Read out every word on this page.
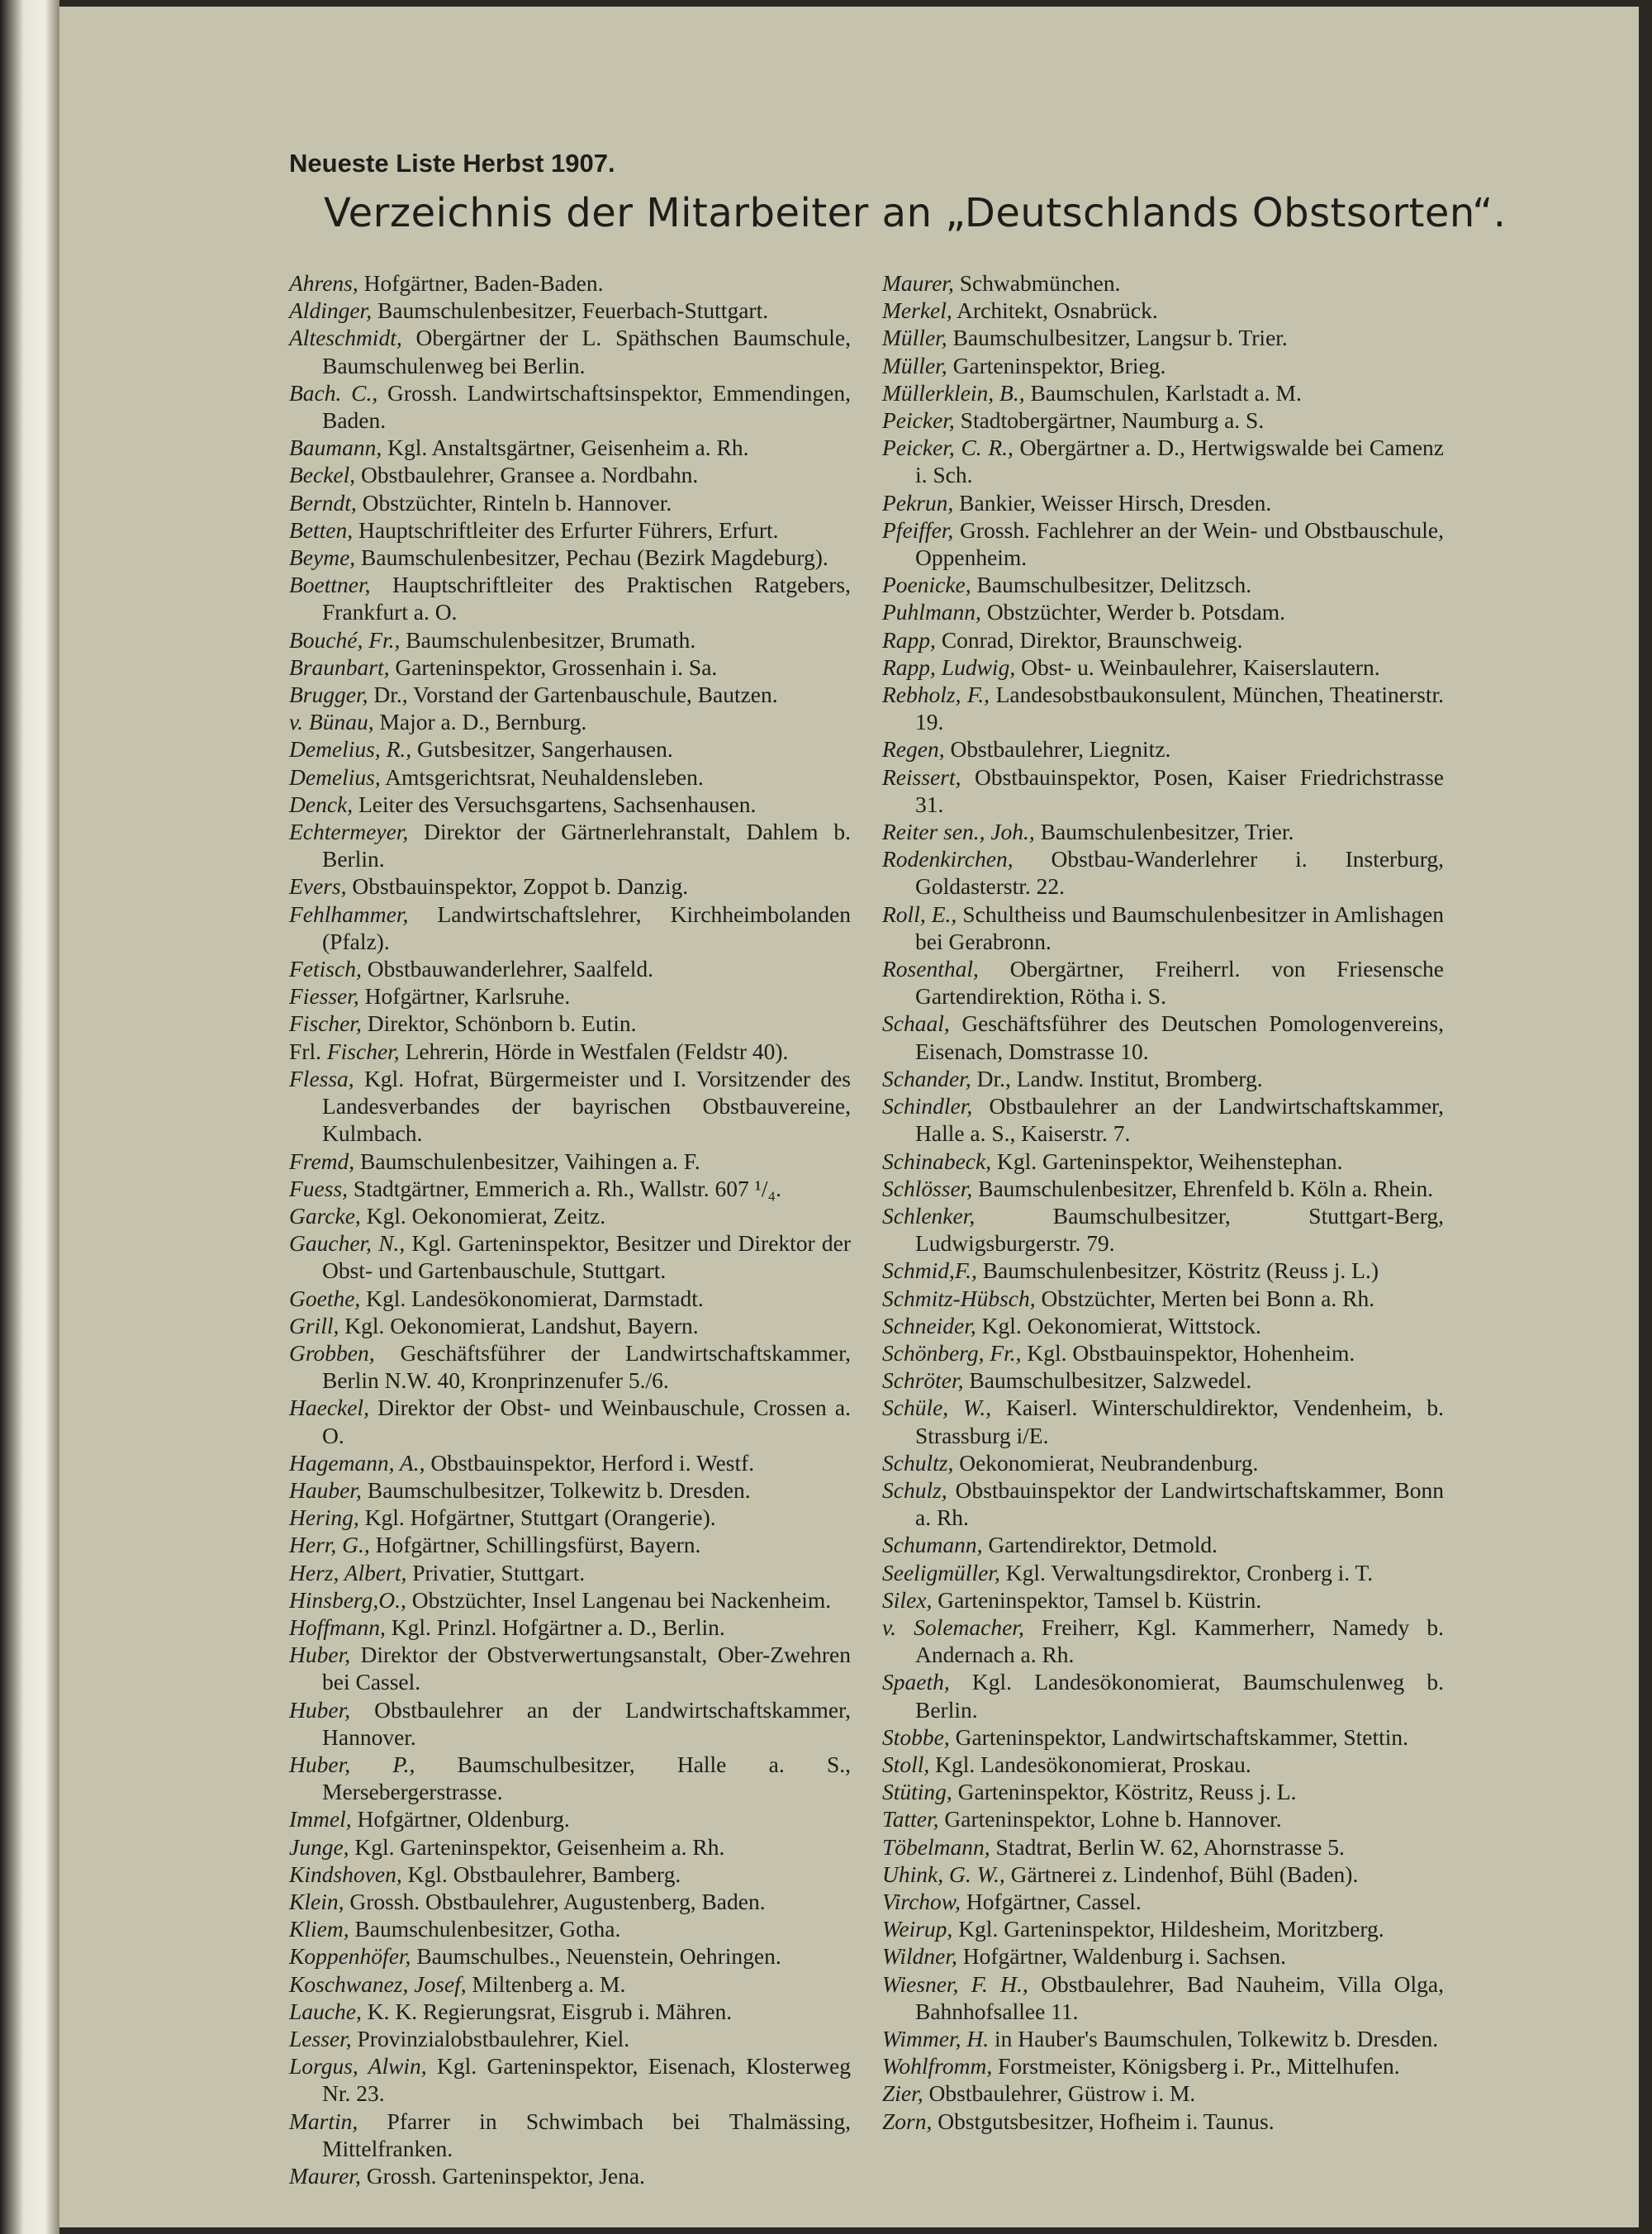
Neueste Liste Herbst 1907.
Verzeichnis der Mitarbeiter an „Deutschlands Obstsorten“.
Ahrens, Hofgärtner, Baden-Baden.
Aldinger, Baumschulenbesitzer, Feuerbach-Stuttgart.
Alteschmidt, Obergärtner der L. Späthschen Baumschule, Baumschulenweg bei Berlin.
Bach. C., Grossh. Landwirtschaftsinspektor, Emmendingen, Baden.
Baumann, Kgl. Anstaltsgärtner, Geisenheim a. Rh.
Beckel, Obstbaulehrer, Gransee a. Nordbahn.
Berndt, Obstzüchter, Rinteln b. Hannover.
Betten, Hauptschriftleiter des Erfurter Führers, Erfurt.
Beyme, Baumschulenbesitzer, Pechau (Bezirk Magdeburg).
Boettner, Hauptschriftleiter des Praktischen Ratgebers, Frankfurt a. O.
Bouché, Fr., Baumschulenbesitzer, Brumath.
Braunbart, Garteninspektor, Grossenhain i. Sa.
Brugger, Dr., Vorstand der Gartenbauschule, Bautzen.
v. Bünau, Major a. D., Bernburg.
Demelius, R., Gutsbesitzer, Sangerhausen.
Demelius, Amtsgerichtsrat, Neuhaldensleben.
Denck, Leiter des Versuchsgartens, Sachsenhausen.
Echtermeyer, Direktor der Gärtnerlehranstalt, Dahlem b. Berlin.
Evers, Obstbauinspektor, Zoppot b. Danzig.
Fehlhammer, Landwirtschaftslehrer, Kirchheimbolanden (Pfalz).
Fetisch, Obstbauwanderlehrer, Saalfeld.
Fiesser, Hofgärtner, Karlsruhe.
Fischer, Direktor, Schönborn b. Eutin.
Frl. Fischer, Lehrerin, Hörde in Westfalen (Feldstr 40).
Flessa, Kgl. Hofrat, Bürgermeister und I. Vorsitzender des Landesverbandes der bayrischen Obstbauvereine, Kulmbach.
Fremd, Baumschulenbesitzer, Vaihingen a. F.
Fuess, Stadtgärtner, Emmerich a. Rh., Wallstr. 607 ¹/₄.
Garcke, Kgl. Oekonomierat, Zeitz.
Gaucher, N., Kgl. Garteninspektor, Besitzer und Direktor der Obst- und Gartenbauschule, Stuttgart.
Goethe, Kgl. Landesökonomierat, Darmstadt.
Grill, Kgl. Oekonomierat, Landshut, Bayern.
Grobben, Geschäftsführer der Landwirtschaftskammer, Berlin N.W. 40, Kronprinzenufer 5./6.
Haeckel, Direktor der Obst- und Weinbauschule, Crossen a. O.
Hagemann, A., Obstbauinspektor, Herford i. Westf.
Hauber, Baumschulbesitzer, Tolkewitz b. Dresden.
Hering, Kgl. Hofgärtner, Stuttgart (Orangerie).
Herr, G., Hofgärtner, Schillingsfürst, Bayern.
Herz, Albert, Privatier, Stuttgart.
Hinsberg,O., Obstzüchter, Insel Langenau bei Nackenheim.
Hoffmann, Kgl. Prinzl. Hofgärtner a. D., Berlin.
Huber, Direktor der Obstverwertungsanstalt, Ober-Zwehren bei Cassel.
Huber, Obstbaulehrer an der Landwirtschaftskammer, Hannover.
Huber, P., Baumschulbesitzer, Halle a. S., Mersebergerstrasse.
Immel, Hofgärtner, Oldenburg.
Junge, Kgl. Garteninspektor, Geisenheim a. Rh.
Kindshoven, Kgl. Obstbaulehrer, Bamberg.
Klein, Grossh. Obstbaulehrer, Augustenberg, Baden.
Kliem, Baumschulenbesitzer, Gotha.
Koppenhöfer, Baumschulbes., Neuenstein, Oehringen.
Koschwanez, Josef, Miltenberg a. M.
Lauche, K. K. Regierungsrat, Eisgrub i. Mähren.
Lesser, Provinzialobstbaulehrer, Kiel.
Lorgus, Alwin, Kgl. Garteninspektor, Eisenach, Klosterweg Nr. 23.
Martin, Pfarrer in Schwimbach bei Thalmässing, Mittelfranken.
Maurer, Grossh. Garteninspektor, Jena.
Maurer, Schwabmünchen.
Merkel, Architekt, Osnabrück.
Müller, Baumschulbesitzer, Langsur b. Trier.
Müller, Garteninspektor, Brieg.
Müllerklein, B., Baumschulen, Karlstadt a. M.
Peicker, Stadtobergärtner, Naumburg a. S.
Peicker, C. R., Obergärtner a. D., Hertwigswalde bei Camenz i. Sch.
Pekrun, Bankier, Weisser Hirsch, Dresden.
Pfeiffer, Grossh. Fachlehrer an der Wein- und Obstbauschule, Oppenheim.
Poenicke, Baumschulbesitzer, Delitzsch.
Puhlmann, Obstzüchter, Werder b. Potsdam.
Rapp, Conrad, Direktor, Braunschweig.
Rapp, Ludwig, Obst- u. Weinbaulehrer, Kaiserslautern.
Rebholz, F., Landesobstbaukonsulent, München, Theatinerstr. 19.
Regen, Obstbaulehrer, Liegnitz.
Reissert, Obstbauinspektor, Posen, Kaiser Friedrichstrasse 31.
Reiter sen., Joh., Baumschulenbesitzer, Trier.
Rodenkirchen, Obstbau-Wanderlehrer i. Insterburg, Goldasterstr. 22.
Roll, E., Schultheiss und Baumschulenbesitzer in Amlishagen bei Gerabronn.
Rosenthal, Obergärtner, Freiherrl. von Friesensche Gartendirektion, Rötha i. S.
Schaal, Geschäftsführer des Deutschen Pomologenvereins, Eisenach, Domstrasse 10.
Schander, Dr., Landw. Institut, Bromberg.
Schindler, Obstbaulehrer an der Landwirtschaftskammer, Halle a. S., Kaiserstr. 7.
Schinabeck, Kgl. Garteninspektor, Weihenstephan.
Schlösser, Baumschulenbesitzer, Ehrenfeld b. Köln a. Rhein.
Schlenker, Baumschulbesitzer, Stuttgart-Berg, Ludwigsburgerstr. 79.
Schmid,F., Baumschulenbesitzer, Köstritz (Reuss j. L.)
Schmitz-Hübsch, Obstzüchter, Merten bei Bonn a. Rh.
Schneider, Kgl. Oekonomierat, Wittstock.
Schönberg, Fr., Kgl. Obstbauinspektor, Hohenheim.
Schröter, Baumschulbesitzer, Salzwedel.
Schüle, W., Kaiserl. Winterschuldirektor, Vendenheim, b. Strassburg i/E.
Schultz, Oekonomierat, Neubrandenburg.
Schulz, Obstbauinspektor der Landwirtschaftskammer, Bonn a. Rh.
Schumann, Gartendirektor, Detmold.
Seeligmüller, Kgl. Verwaltungsdirektor, Cronberg i. T.
Silex, Garteninspektor, Tamsel b. Küstrin.
v. Solemacher, Freiherr, Kgl. Kammerherr, Namedy b. Andernach a. Rh.
Spaeth, Kgl. Landesökonomierat, Baumschulenweg b. Berlin.
Stobbe, Garteninspektor, Landwirtschaftskammer, Stettin.
Stoll, Kgl. Landesökonomierat, Proskau.
Stüting, Garteninspektor, Köstritz, Reuss j. L.
Tatter, Garteninspektor, Lohne b. Hannover.
Töbelmann, Stadtrat, Berlin W. 62, Ahornstrasse 5.
Uhink, G. W., Gärtnerei z. Lindenhof, Bühl (Baden).
Virchow, Hofgärtner, Cassel.
Weirup, Kgl. Garteninspektor, Hildesheim, Moritzberg.
Wildner, Hofgärtner, Waldenburg i. Sachsen.
Wiesner, F. H., Obstbaulehrer, Bad Nauheim, Villa Olga, Bahnhofsallee 11.
Wimmer, H. in Hauber's Baumschulen, Tolkewitz b. Dresden.
Wohlfromm, Forstmeister, Königsberg i. Pr., Mittelhufen.
Zier, Obstbaulehrer, Güstrow i. M.
Zorn, Obstgutsbesitzer, Hofheim i. Taunus.
